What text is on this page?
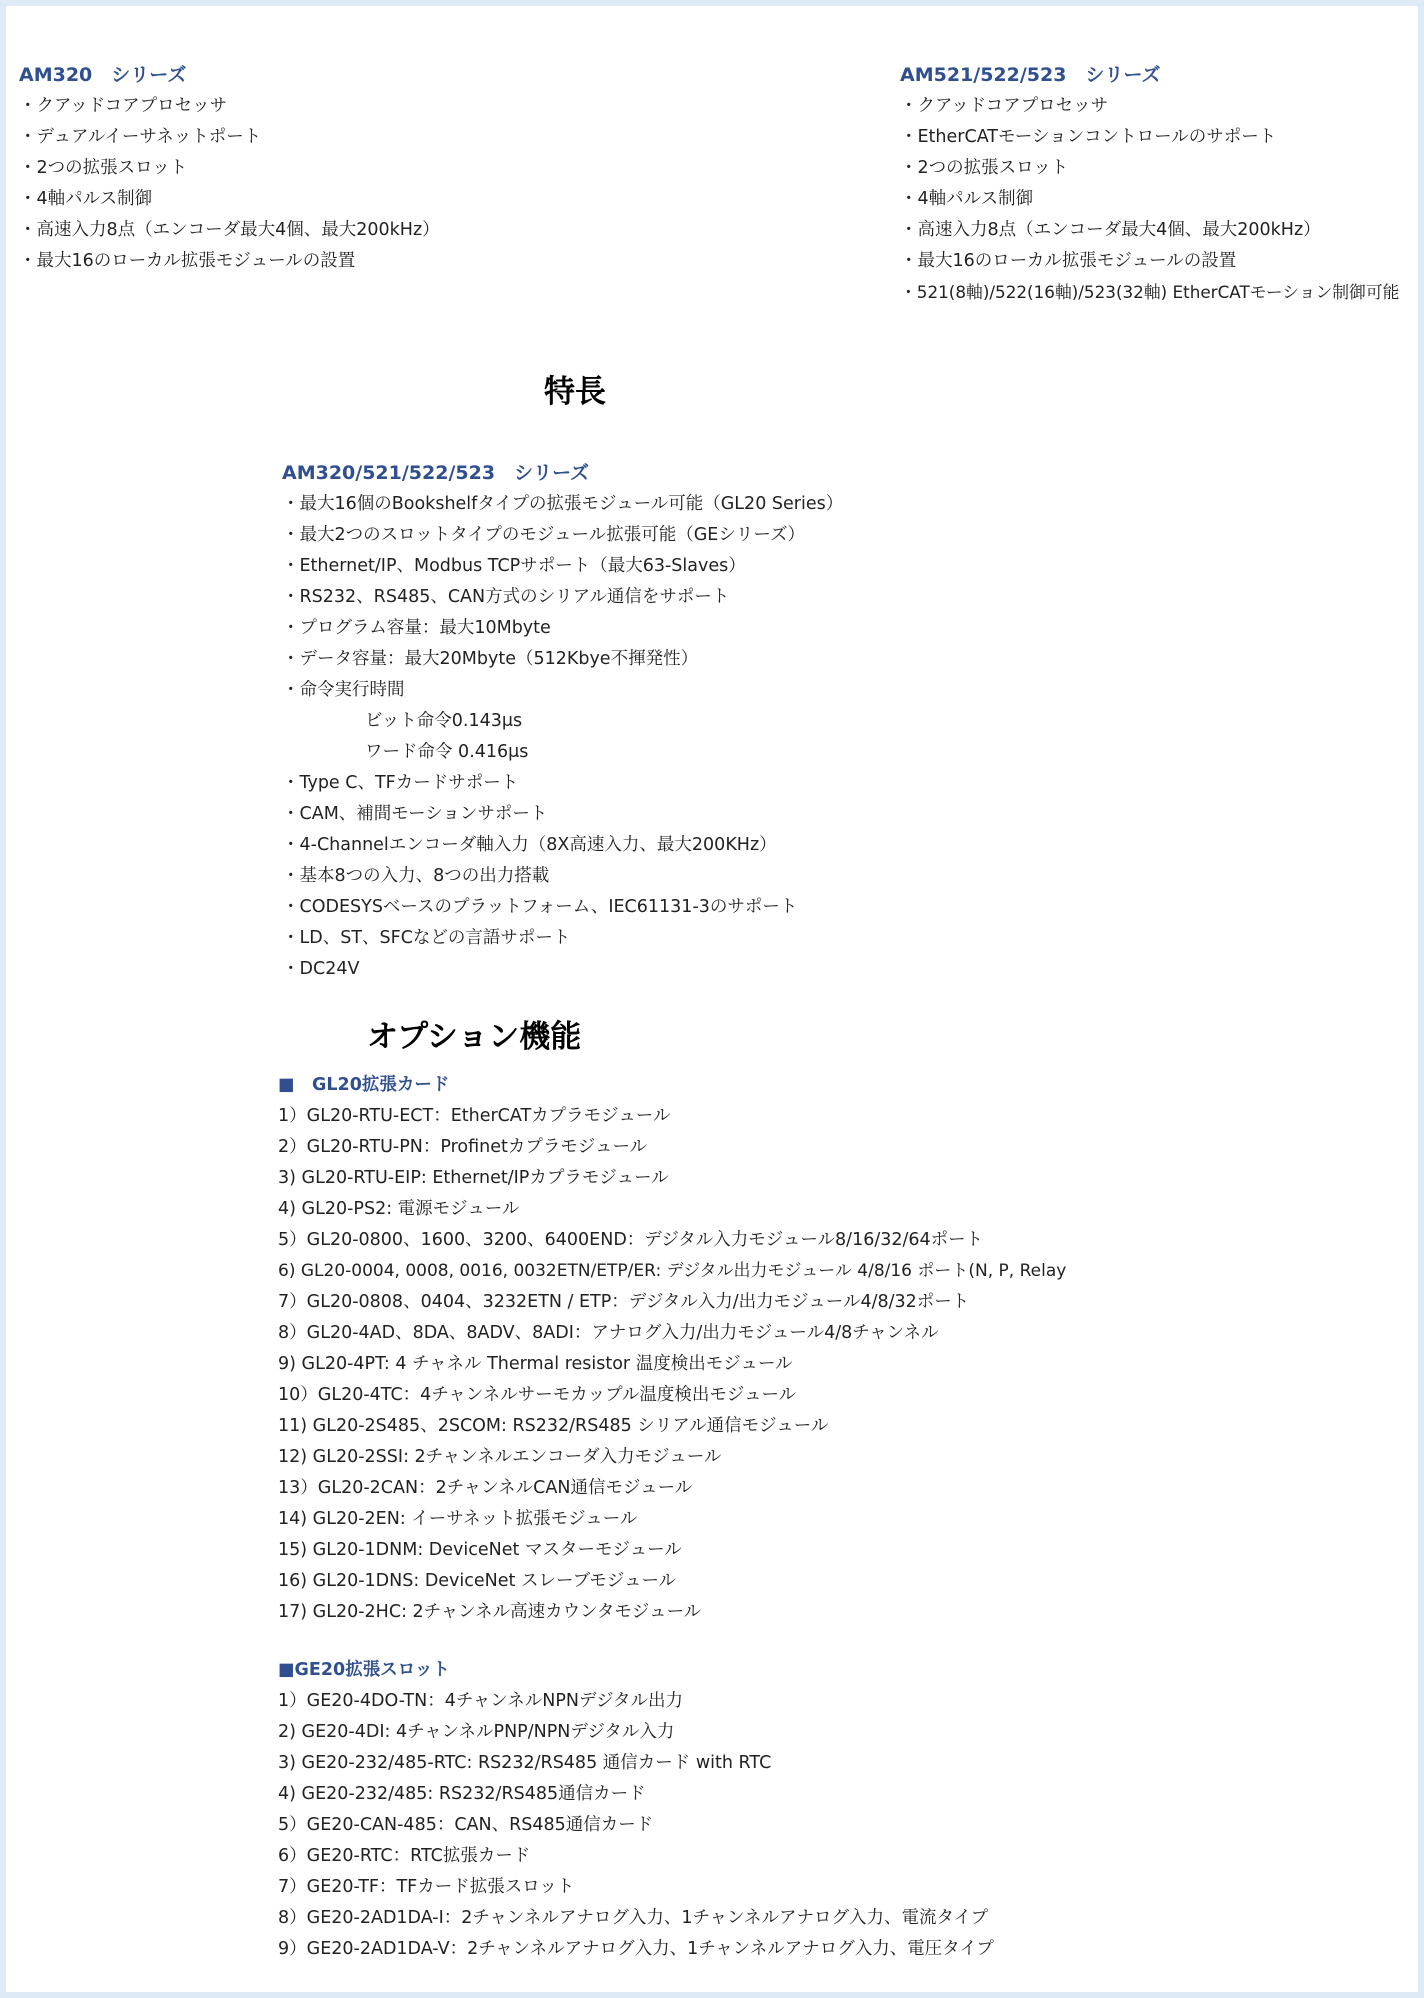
AM320　シリーズ
・クアッドコアプロセッサ
・デュアルイーサネットポート
・2つの拡張スロット
・4軸パルス制御
・高速入力8点（エンコーダ最大4個、最大200kHz）
・最大16のローカル拡張モジュールの設置
AM521/522/523　シリーズ
・クアッドコアプロセッサ
・EtherCATモーションコントロールのサポート
・2つの拡張スロット
・4軸パルス制御
・高速入力8点（エンコーダ最大4個、最大200kHz）
・最大16のローカル拡張モジュールの設置
・521(8軸)/522(16軸)/523(32軸) EtherCATモーション制御可能
特長
AM320/521/522/523　シリーズ
・最大16個のBookshelfタイプの拡張モジュール可能（GL20 Series）
・最大2つのスロットタイプのモジュール拡張可能（GEシリーズ）
・Ethernet/IP、Modbus TCPサポート（最大63-Slaves）
・RS232、RS485、CAN方式のシリアル通信をサポート
・プログラム容量：最大10Mbyte
・データ容量：最大20Mbyte（512Kbye不揮発性）
・命令実行時間
ビット命令0.143μs
ワード命令 0.416μs
・Type C、TFカードサポート
・CAM、補間モーションサポート
・4-Channelエンコーダ軸入力（8X高速入力、最大200KHz）
・基本8つの入力、8つの出力搭載
・CODESYSベースのプラットフォーム、IEC61131-3のサポート
・LD、ST、SFCなどの言語サポート
・DC24V
オプション機能
■　GL20拡張カード
1）GL20-RTU-ECT：EtherCATカプラモジュール
2）GL20-RTU-PN：Profinetカプラモジュール
3) GL20-RTU-EIP: Ethernet/IPカプラモジュール
4) GL20-PS2: 電源モジュール
5）GL20-0800、1600、3200、6400END：デジタル入力モジュール8/16/32/64ポート
6) GL20-0004, 0008, 0016, 0032ETN/ETP/ER: デジタル出力モジュール 4/8/16 ポート(N, P, Relay
7）GL20-0808、0404、3232ETN / ETP：デジタル入力/出力モジュール4/8/32ポート
8）GL20-4AD、8DA、8ADV、8ADI：アナログ入力/出力モジュール4/8チャンネル
9) GL20-4PT: 4 チャネル Thermal resistor 温度検出モジュール
10）GL20-4TC：4チャンネルサーモカップル温度検出モジュール
11) GL20-2S485、2SCOM: RS232/RS485 シリアル通信モジュール
12) GL20-2SSI: 2チャンネルエンコーダ入力モジュール
13）GL20-2CAN：2チャンネルCAN通信モジュール
14) GL20-2EN: イーサネット拡張モジュール
15) GL20-1DNM: DeviceNet マスターモジュール
16) GL20-1DNS: DeviceNet スレーブモジュール
17) GL20-2HC: 2チャンネル高速カウンタモジュール
■GE20拡張スロット
1）GE20-4DO-TN：4チャンネルNPNデジタル出力
2) GE20-4DI: 4チャンネルPNP/NPNデジタル入力
3) GE20-232/485-RTC: RS232/RS485 通信カード with RTC
4) GE20-232/485: RS232/RS485通信カード
5）GE20-CAN-485：CAN、RS485通信カード
6）GE20-RTC：RTC拡張カード
7）GE20-TF：TFカード拡張スロット
8）GE20-2AD1DA-I：2チャンネルアナログ入力、1チャンネルアナログ入力、電流タイプ
9）GE20-2AD1DA-V：2チャンネルアナログ入力、1チャンネルアナログ入力、電圧タイプ
